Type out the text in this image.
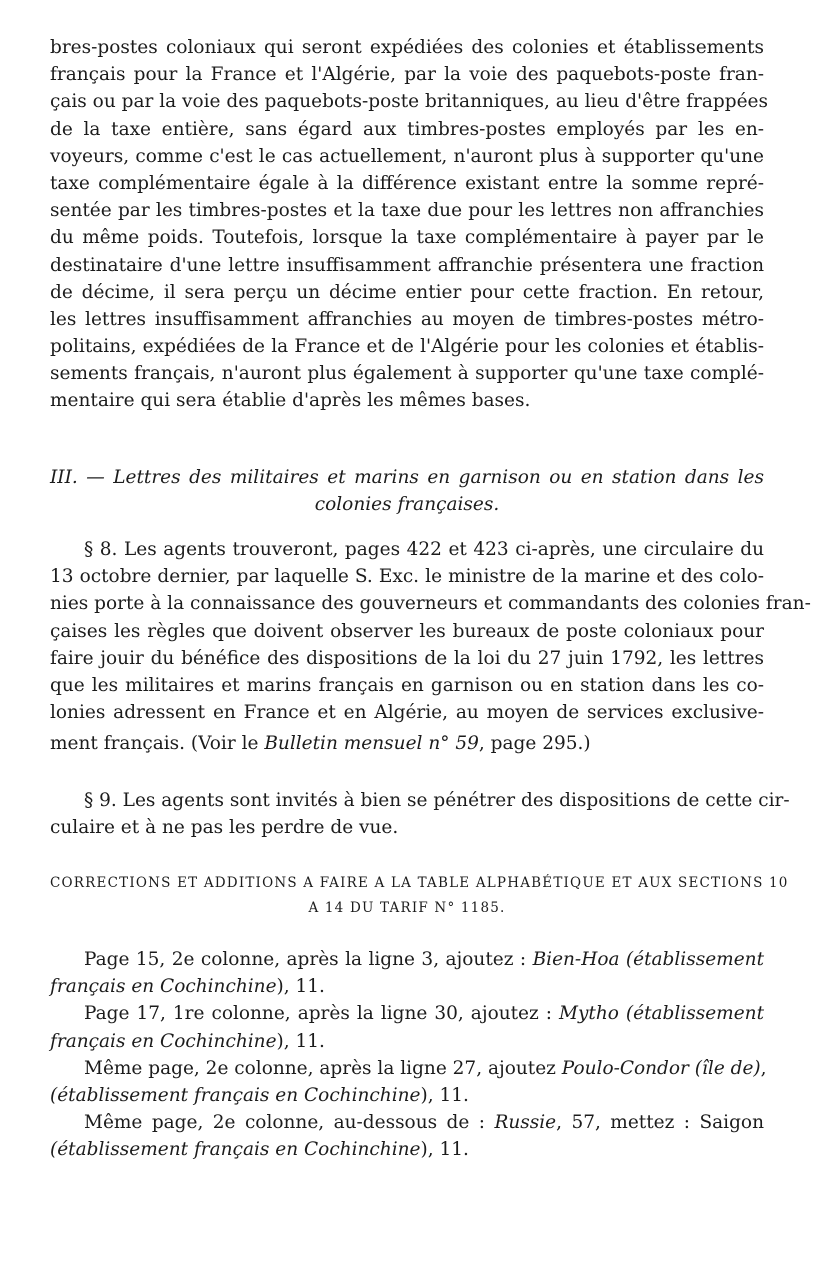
bres-postes coloniaux qui seront expédiées des colonies et établissements
français pour la France et l'Algérie, par la voie des paquebots-poste fran-
çais ou par la voie des paquebots-poste britanniques, au lieu d'être frappées
de la taxe entière, sans égard aux timbres-postes employés par les en-
voyeurs, comme c'est le cas actuellement, n'auront plus à supporter qu'une
taxe complémentaire égale à la différence existant entre la somme repré-
sentée par les timbres-postes et la taxe due pour les lettres non affranchies
du même poids. Toutefois, lorsque la taxe complémentaire à payer par le
destinataire d'une lettre insuffisamment affranchie présentera une fraction
de décime, il sera perçu un décime entier pour cette fraction. En retour,
les lettres insuffisamment affranchies au moyen de timbres-postes métro-
politains, expédiées de la France et de l'Algérie pour les colonies et établis-
sements français, n'auront plus également à supporter qu'une taxe complé-
mentaire qui sera établie d'après les mêmes bases.
III. — Lettres des militaires et marins en garnison ou en station dans les
colonies françaises.
§ 8. Les agents trouveront, pages 422 et 423 ci-après, une circulaire du
13 octobre dernier, par laquelle S. Exc. le ministre de la marine et des colo-
nies porte à la connaissance des gouverneurs et commandants des colonies fran-
çaises les règles que doivent observer les bureaux de poste coloniaux pour
faire jouir du bénéfice des dispositions de la loi du 27 juin 1792, les lettres
que les militaires et marins français en garnison ou en station dans les co-
lonies adressent en France et en Algérie, au moyen de services exclusive-
ment français. (Voir le Bulletin mensuel n° 59, page 295.)
§ 9. Les agents sont invités à bien se pénétrer des dispositions de cette cir-
culaire et à ne pas les perdre de vue.
CORRECTIONS ET ADDITIONS A FAIRE A LA TABLE ALPHABÉTIQUE ET AUX SECTIONS 10
A 14 DU TARIF N° 1185.
Page 15, 2e colonne, après la ligne 3, ajoutez : Bien-Hoa (établissement
français en Cochinchine), 11.
Page 17, 1re colonne, après la ligne 30, ajoutez : Mytho (établissement
français en Cochinchine), 11.
Même page, 2e colonne, après la ligne 27, ajoutez Poulo-Condor (île de),
(établissement français en Cochinchine), 11.
Même page, 2e colonne, au-dessous de : Russie, 57, mettez : Saigon
(établissement français en Cochinchine), 11.
